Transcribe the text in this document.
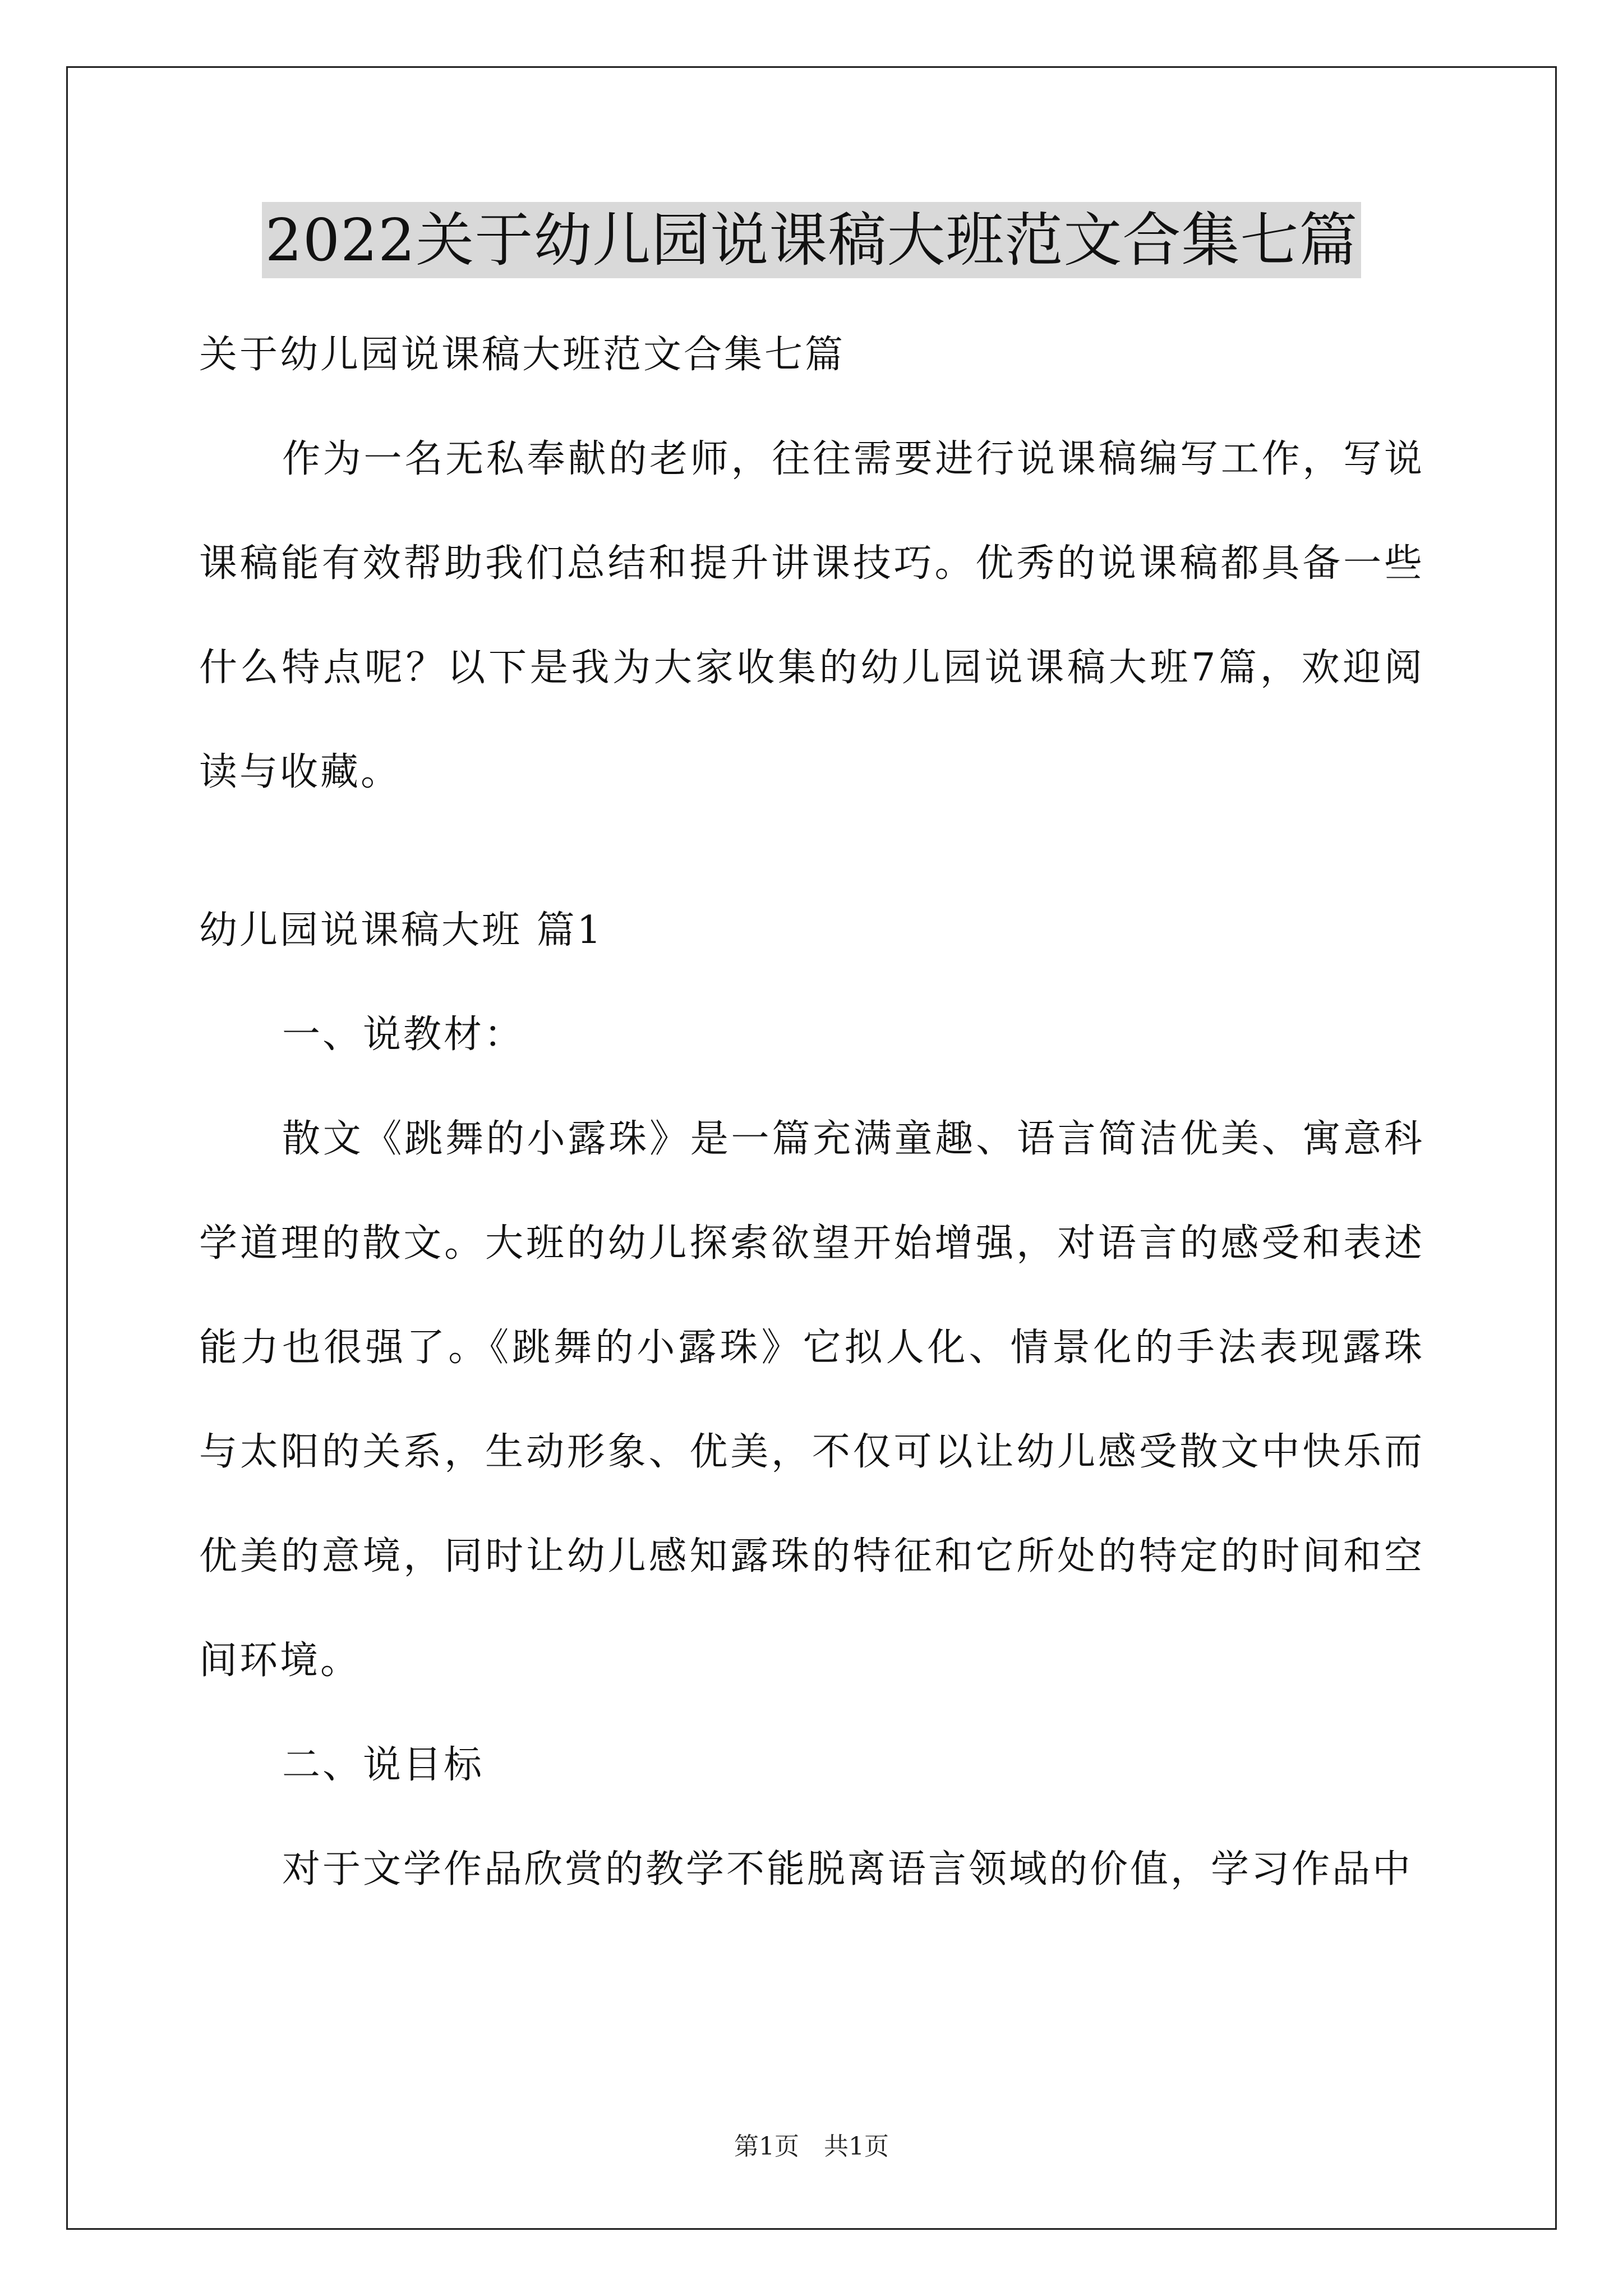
2022关于幼儿园说课稿大班范文合集七篇

关于幼儿园说课稿大班范文合集七篇

作为一名无私奉献的老师，往往需要进行说课稿编写工作，写说课稿能有效帮助我们总结和提升讲课技巧。优秀的说课稿都具备一些什么特点呢？以下是我为大家收集的幼儿园说课稿大班7篇，欢迎阅读与收藏。

幼儿园说课稿大班 篇1

一、说教材：

散文《跳舞的小露珠》是一篇充满童趣、语言简洁优美、寓意科学道理的散文。大班的幼儿探索欲望开始增强，对语言的感受和表述能力也很强了。《跳舞的小露珠》它拟人化、情景化的手法表现露珠与太阳的关系，生动形象、优美，不仅可以让幼儿感受散文中快乐而优美的意境，同时让幼儿感知露珠的特征和它所处的特定的时间和空间环境。

二、说目标

对于文学作品欣赏的教学不能脱离语言领域的价值，学习作品中

第1页 共1页
